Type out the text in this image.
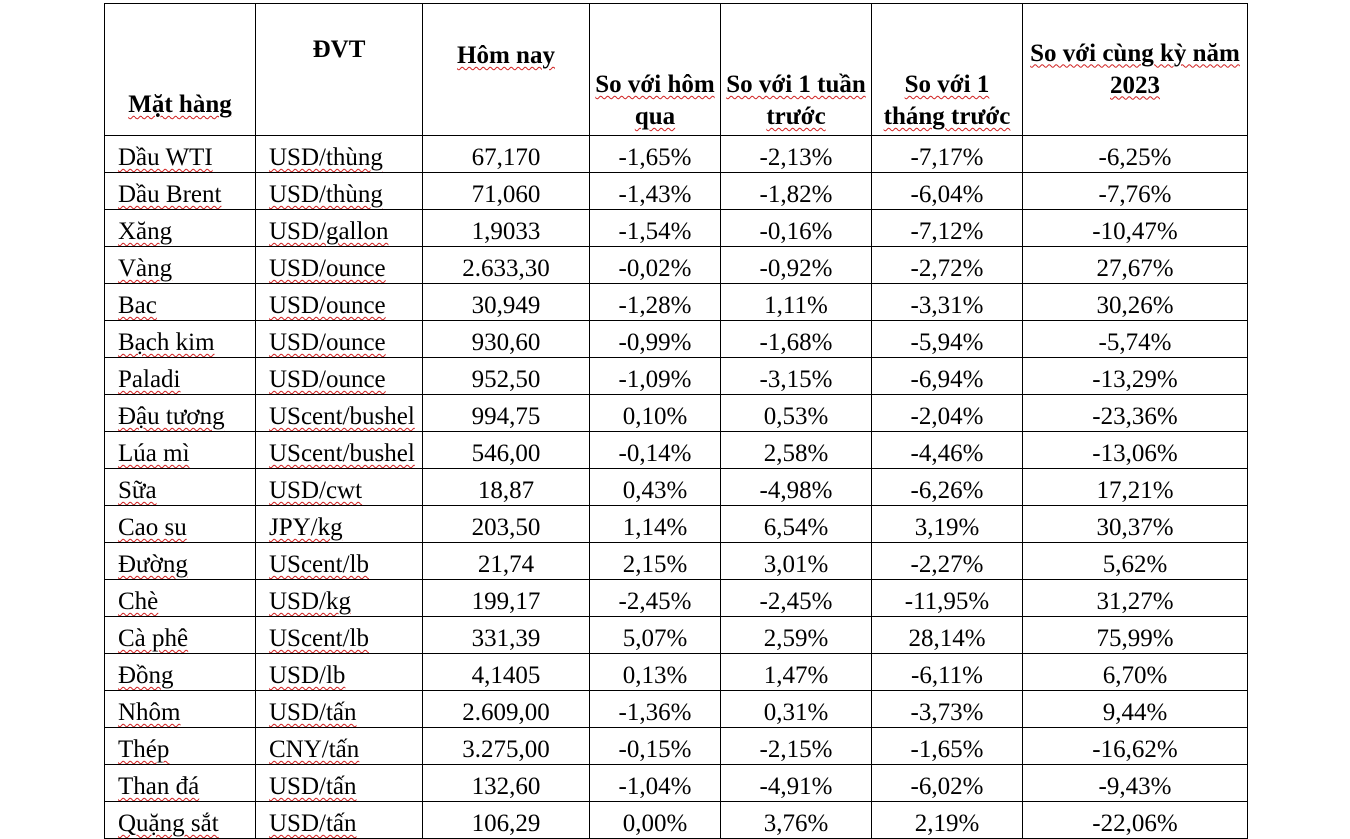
Mặt hàng	ĐVT	Hôm nay	So với hôm qua	So với 1 tuần trước	So với 1 tháng trước	So với cùng kỳ năm 2023
Dầu WTI	USD/thùng	67,170	-1,65%	-2,13%	-7,17%	-6,25%
Dầu Brent	USD/thùng	71,060	-1,43%	-1,82%	-6,04%	-7,76%
Xăng	USD/gallon	1,9033	-1,54%	-0,16%	-7,12%	-10,47%
Vàng	USD/ounce	2.633,30	-0,02%	-0,92%	-2,72%	27,67%
Bac	USD/ounce	30,949	-1,28%	1,11%	-3,31%	30,26%
Bạch kim	USD/ounce	930,60	-0,99%	-1,68%	-5,94%	-5,74%
Paladi	USD/ounce	952,50	-1,09%	-3,15%	-6,94%	-13,29%
Đậu tương	UScent/bushel	994,75	0,10%	0,53%	-2,04%	-23,36%
Lúa mì	UScent/bushel	546,00	-0,14%	2,58%	-4,46%	-13,06%
Sữa	USD/cwt	18,87	0,43%	-4,98%	-6,26%	17,21%
Cao su	JPY/kg	203,50	1,14%	6,54%	3,19%	30,37%
Đường	UScent/lb	21,74	2,15%	3,01%	-2,27%	5,62%
Chè	USD/kg	199,17	-2,45%	-2,45%	-11,95%	31,27%
Cà phê	UScent/lb	331,39	5,07%	2,59%	28,14%	75,99%
Đồng	USD/lb	4,1405	0,13%	1,47%	-6,11%	6,70%
Nhôm	USD/tấn	2.609,00	-1,36%	0,31%	-3,73%	9,44%
Thép	CNY/tấn	3.275,00	-0,15%	-2,15%	-1,65%	-16,62%
Than đá	USD/tấn	132,60	-1,04%	-4,91%	-6,02%	-9,43%
Quặng sắt	USD/tấn	106,29	0,00%	3,76%	2,19%	-22,06%
